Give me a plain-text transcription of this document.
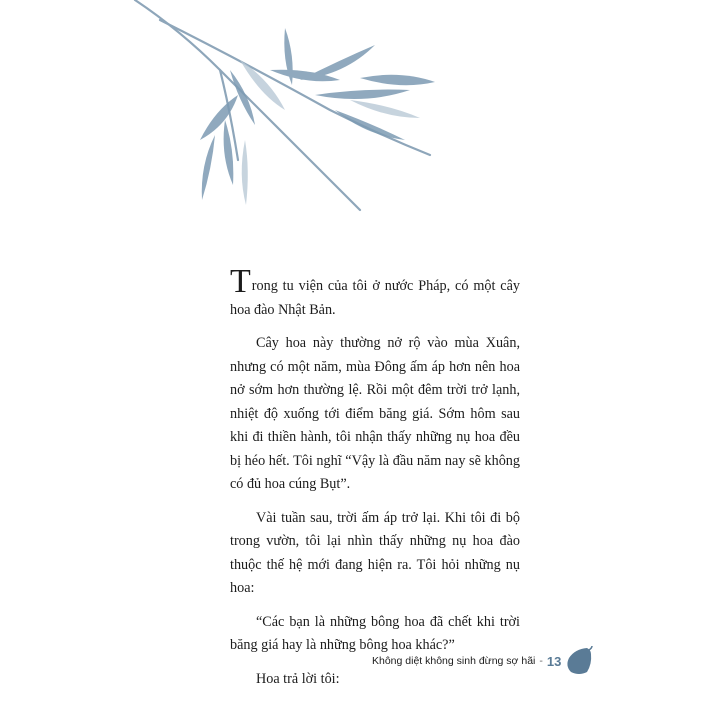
Trong tu viện của tôi ở nước Pháp, có một cây hoa đào Nhật Bản.

Cây hoa này thường nở rộ vào mùa Xuân, nhưng có một năm, mùa Đông ấm áp hơn nên hoa nở sớm hơn thường lệ. Rồi một đêm trời trở lạnh, nhiệt độ xuống tới điểm băng giá. Sớm hôm sau khi đi thiền hành, tôi nhận thấy những nụ hoa đều bị héo hết. Tôi nghĩ “Vậy là đầu năm nay sẽ không có đủ hoa cúng Bụt”.

Vài tuần sau, trời ấm áp trở lại. Khi tôi đi bộ trong vườn, tôi lại nhìn thấy những nụ hoa đào thuộc thế hệ mới đang hiện ra. Tôi hỏi những nụ hoa:

“Các bạn là những bông hoa đã chết khi trời băng giá hay là những bông hoa khác?”

Hoa trả lời tôi:

Không diệt không sinh đừng sợ hãi - 13
